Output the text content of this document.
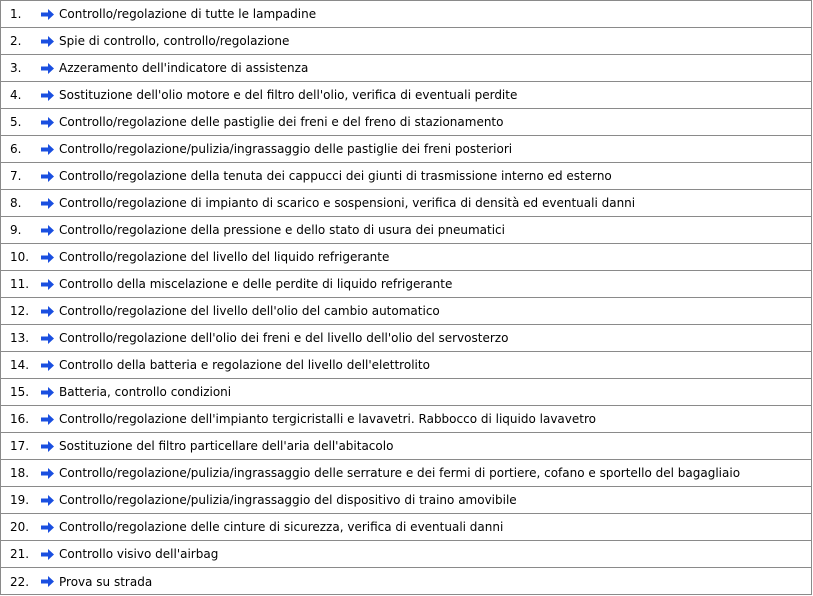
1.	Controllo/regolazione di tutte le lampadine
2.	Spie di controllo, controllo/regolazione
3.	Azzeramento dell'indicatore di assistenza
4.	Sostituzione dell'olio motore e del filtro dell'olio, verifica di eventuali perdite
5.	Controllo/regolazione delle pastiglie dei freni e del freno di stazionamento
6.	Controllo/regolazione/pulizia/ingrassaggio delle pastiglie dei freni posteriori
7.	Controllo/regolazione della tenuta dei cappucci dei giunti di trasmissione interno ed esterno
8.	Controllo/regolazione di impianto di scarico e sospensioni, verifica di densità ed eventuali danni
9.	Controllo/regolazione della pressione e dello stato di usura dei pneumatici
10.	Controllo/regolazione del livello del liquido refrigerante
11.	Controllo della miscelazione e delle perdite di liquido refrigerante
12.	Controllo/regolazione del livello dell'olio del cambio automatico
13.	Controllo/regolazione dell'olio dei freni e del livello dell'olio del servosterzo
14.	Controllo della batteria e regolazione del livello dell'elettrolito
15.	Batteria, controllo condizioni
16.	Controllo/regolazione dell'impianto tergicristalli e lavavetri. Rabbocco di liquido lavavetro
17.	Sostituzione del filtro particellare dell'aria dell'abitacolo
18.	Controllo/regolazione/pulizia/ingrassaggio delle serrature e dei fermi di portiere, cofano e sportello del bagagliaio
19.	Controllo/regolazione/pulizia/ingrassaggio del dispositivo di traino amovibile
20.	Controllo/regolazione delle cinture di sicurezza, verifica di eventuali danni
21.	Controllo visivo dell'airbag
22.	Prova su strada
